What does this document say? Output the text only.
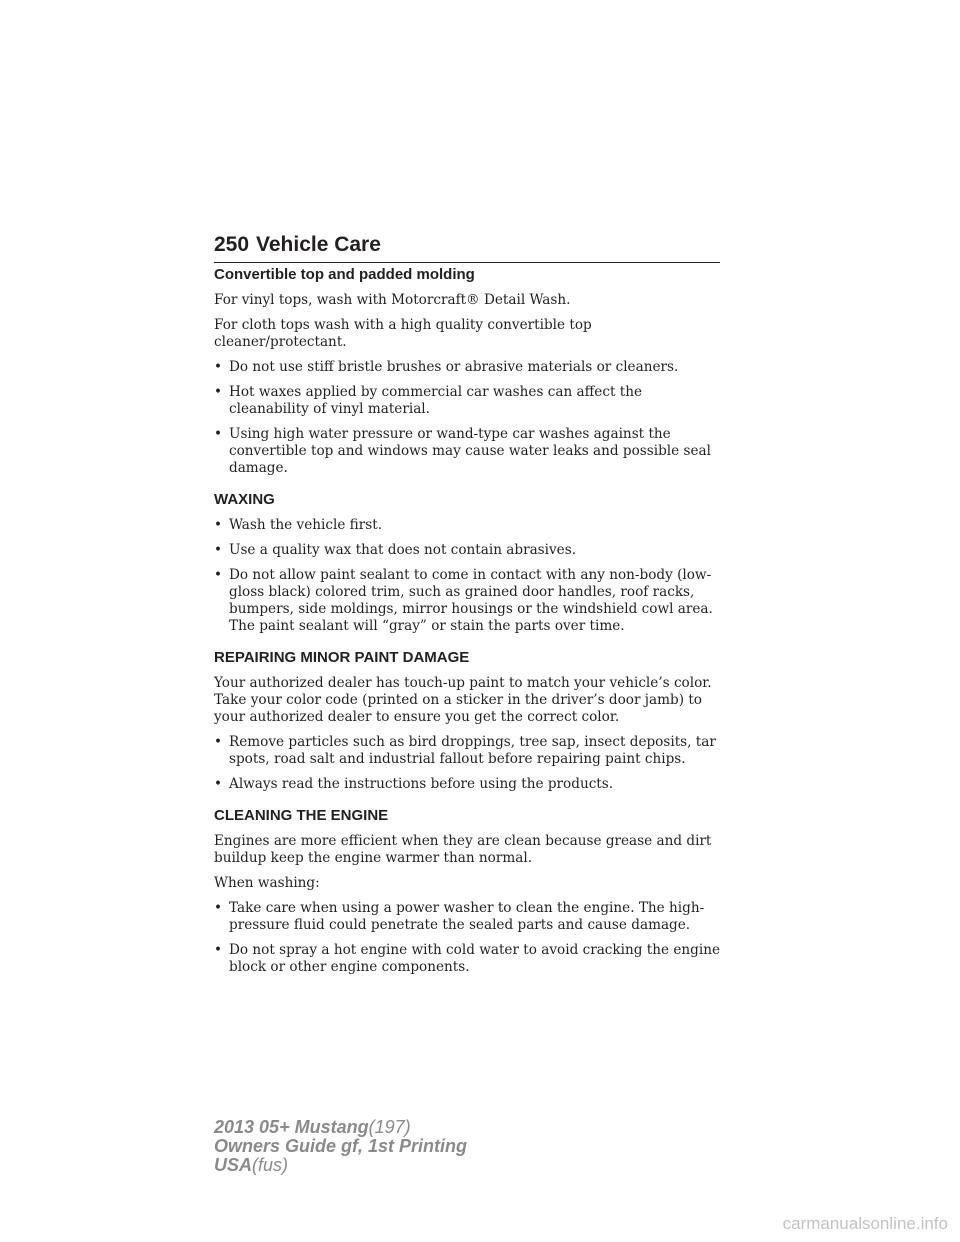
250 Vehicle Care
Convertible top and padded molding

For vinyl tops, wash with Motorcraft® Detail Wash.

For cloth tops wash with a high quality convertible top cleaner/protectant.

• Do not use stiff bristle brushes or abrasive materials or cleaners.
• Hot waxes applied by commercial car washes can affect the cleanability of vinyl material.
• Using high water pressure or wand-type car washes against the convertible top and windows may cause water leaks and possible seal damage.
WAXING
• Wash the vehicle first.
• Use a quality wax that does not contain abrasives.
• Do not allow paint sealant to come in contact with any non-body (low-gloss black) colored trim, such as grained door handles, roof racks, bumpers, side moldings, mirror housings or the windshield cowl area. The paint sealant will “gray” or stain the parts over time.
REPAIRING MINOR PAINT DAMAGE

Your authorized dealer has touch-up paint to match your vehicle’s color. Take your color code (printed on a sticker in the driver’s door jamb) to your authorized dealer to ensure you get the correct color.

• Remove particles such as bird droppings, tree sap, insect deposits, tar spots, road salt and industrial fallout before repairing paint chips.
• Always read the instructions before using the products.
CLEANING THE ENGINE

Engines are more efficient when they are clean because grease and dirt buildup keep the engine warmer than normal.

When washing:

• Take care when using a power washer to clean the engine. The high-pressure fluid could penetrate the sealed parts and cause damage.
• Do not spray a hot engine with cold water to avoid cracking the engine block or other engine components.
2013 05+ Mustang(197)
Owners Guide gf, 1st Printing
USA(fus)
carmanualsonline.info
